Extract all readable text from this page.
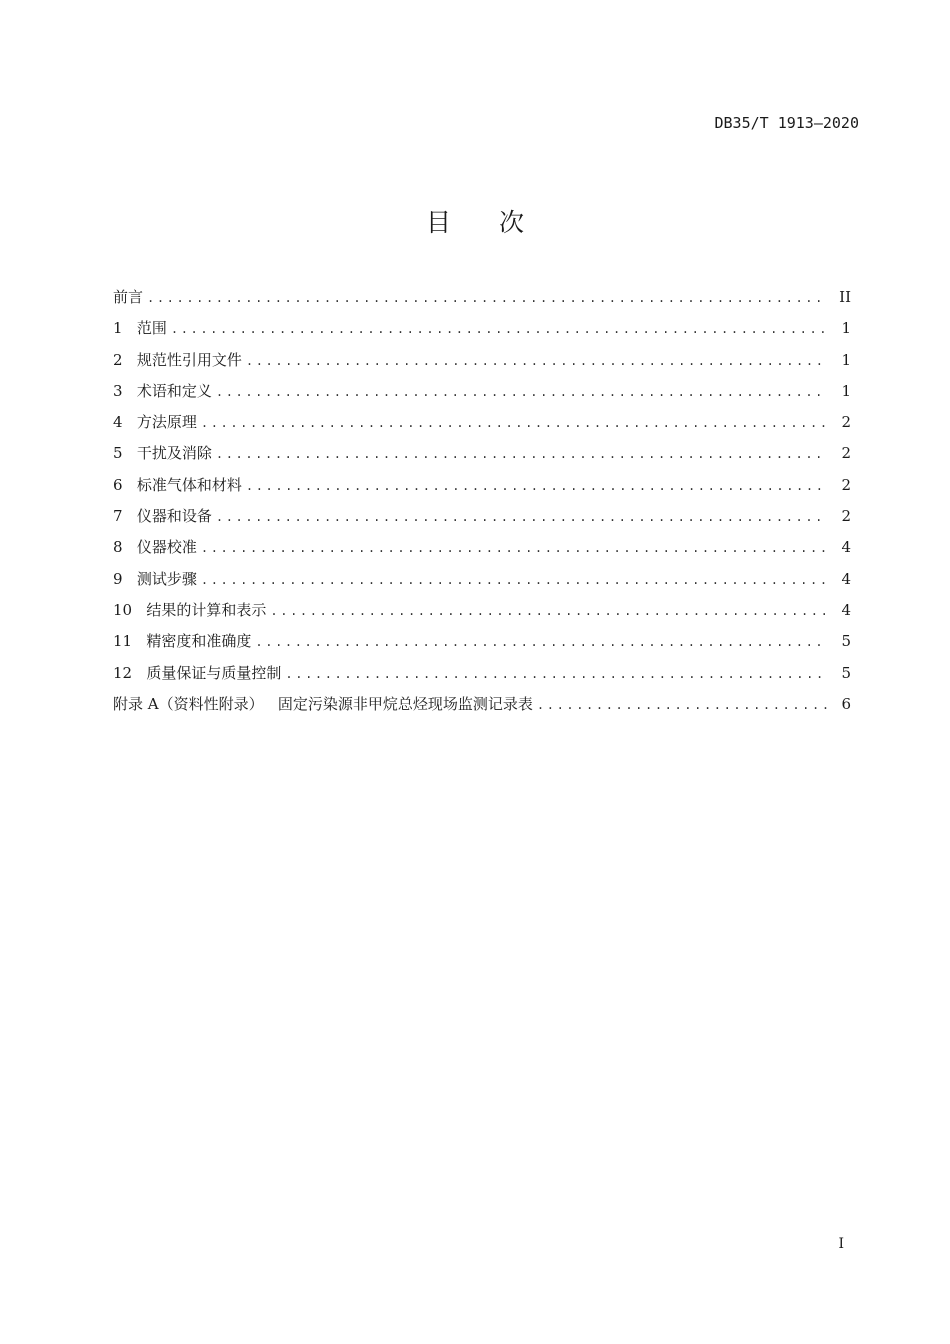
DB35/T 1913—2020
目次
前言 .....	II
1 范围 .....	1
2 规范性引用文件 .....	1
3 术语和定义 .....	1
4 方法原理 .....	2
5 干扰及消除 .....	2
6 标准气体和材料 .....	2
7 仪器和设备 .....	2
8 仪器校准 .....	4
9 测试步骤 .....	4
10 结果的计算和表示 .....	4
11 精密度和准确度 .....	5
12 质量保证与质量控制 .....	5
附录 A（资料性附录）   固定污染源非甲烷总烃现场监测记录表 .....	6
I
